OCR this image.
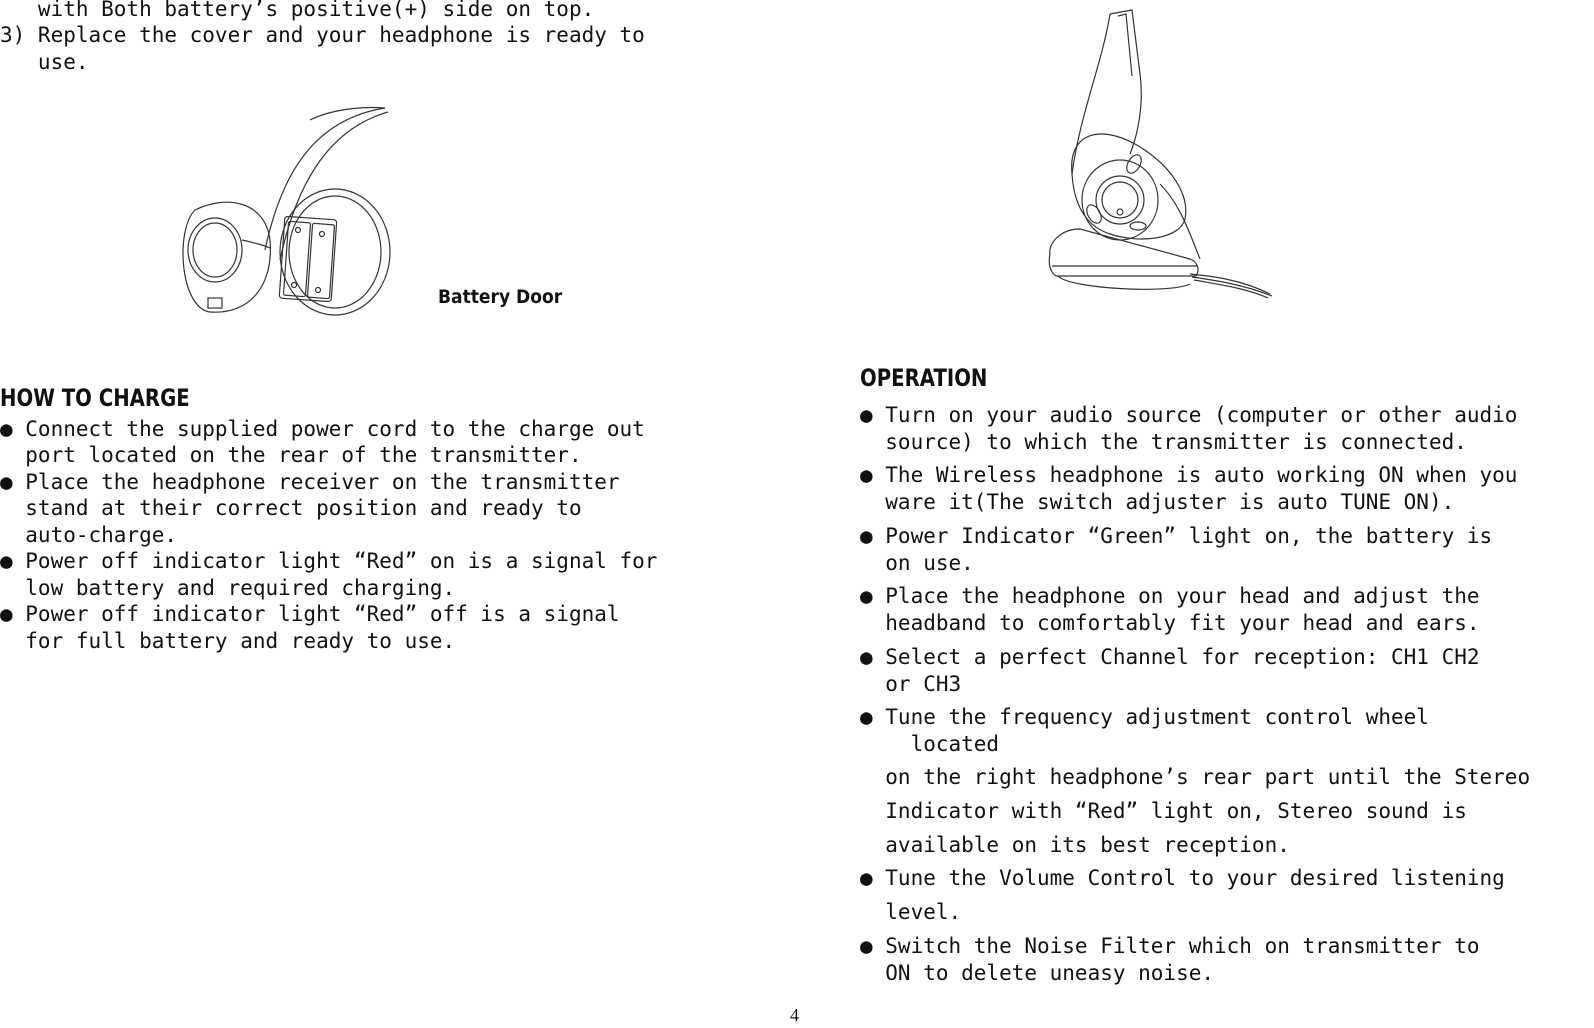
with Both battery’s positive(+) side on top.
3) Replace the cover and your headphone is ready to
use.
Battery Door
HOW TO CHARGE
● Connect the supplied power cord to the charge out
port located on the rear of the transmitter.
● Place the headphone receiver on the transmitter
stand at their correct position and ready to
auto-charge.
● Power off indicator light “Red” on is a signal for
low battery and required charging.
● Power off indicator light “Red” off is a signal
for full battery and ready to use.
OPERATION
● Turn on your audio source (computer or other audio
source) to which the transmitter is connected.
● The Wireless headphone is auto working ON when you
ware it(The switch adjuster is auto TUNE ON).
● Power Indicator “Green” light on, the battery is
on use.
● Place the headphone on your head and adjust the
headband to comfortably fit your head and ears.
● Select a perfect Channel for reception: CH1 CH2
or CH3
● Tune the frequency adjustment control wheel
located
on the right headphone’s rear part until the Stereo
Indicator with “Red” light on, Stereo sound is
available on its best reception.
● Tune the Volume Control to your desired listening
level.
● Switch the Noise Filter which on transmitter to
ON to delete uneasy noise.
4
